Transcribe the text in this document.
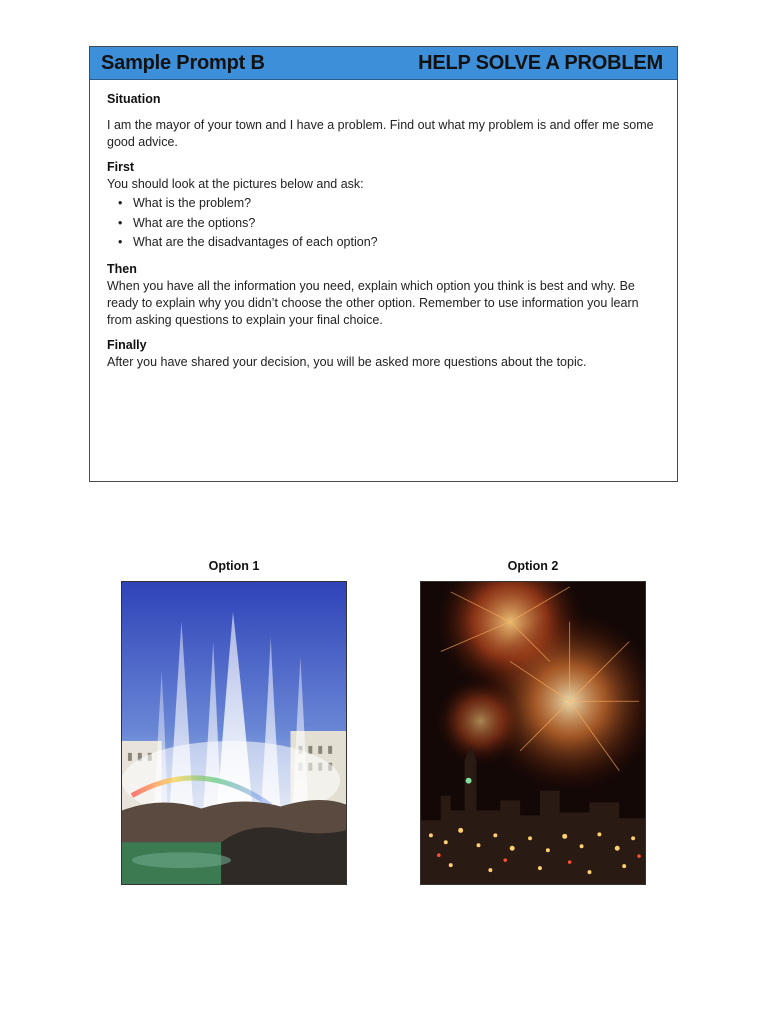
Sample Prompt B	HELP SOLVE A PROBLEM
Situation
I am the mayor of your town and I have a problem. Find out what my problem is and offer me some good advice.
First
You should look at the pictures below and ask:
• What is the problem?
• What are the options?
• What are the disadvantages of each option?
Then
When you have all the information you need, explain which option you think is best and why. Be ready to explain why you didn’t choose the other option. Remember to use information you learn from asking questions to explain your final choice.
Finally
After you have shared your decision, you will be asked more questions about the topic.
Option 1	Option 2
